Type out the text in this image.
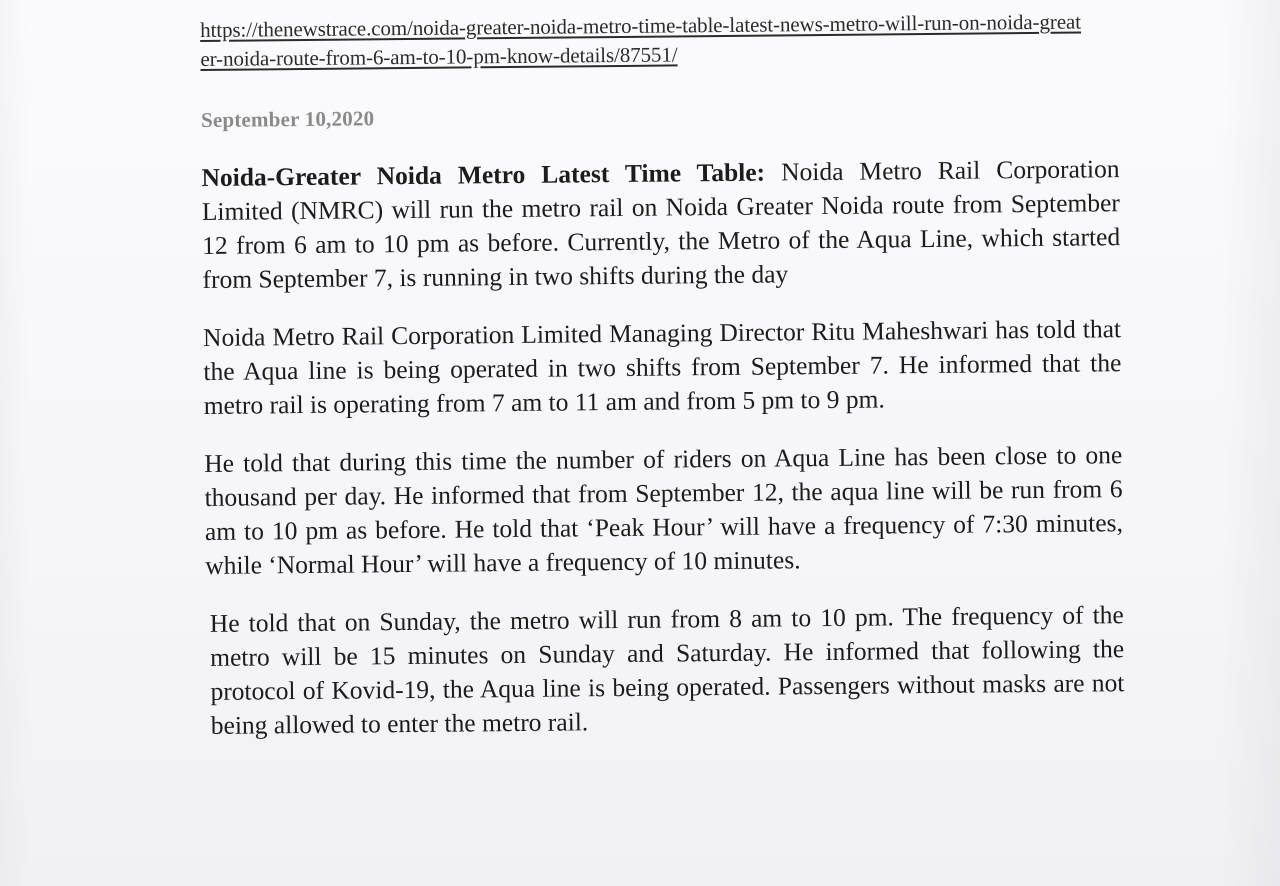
https://thenewstrace.com/noida-greater-noida-metro-time-table-latest-news-metro-will-run-on-noida-greater-noida-route-from-6-am-to-10-pm-know-details/87551/
September 10,2020

Noida-Greater Noida Metro Latest Time Table: Noida Metro Rail Corporation Limited (NMRC) will run the metro rail on Noida Greater Noida route from September 12 from 6 am to 10 pm as before. Currently, the Metro of the Aqua Line, which started from September 7, is running in two shifts during the day

Noida Metro Rail Corporation Limited Managing Director Ritu Maheshwari has told that the Aqua line is being operated in two shifts from September 7. He informed that the metro rail is operating from 7 am to 11 am and from 5 pm to 9 pm.

He told that during this time the number of riders on Aqua Line has been close to one thousand per day. He informed that from September 12, the aqua line will be run from 6 am to 10 pm as before. He told that ‘Peak Hour’ will have a frequency of 7:30 minutes, while ‘Normal Hour’ will have a frequency of 10 minutes.

He told that on Sunday, the metro will run from 8 am to 10 pm. The frequency of the metro will be 15 minutes on Sunday and Saturday. He informed that following the protocol of Kovid-19, the Aqua line is being operated. Passengers without masks are not being allowed to enter the metro rail.
